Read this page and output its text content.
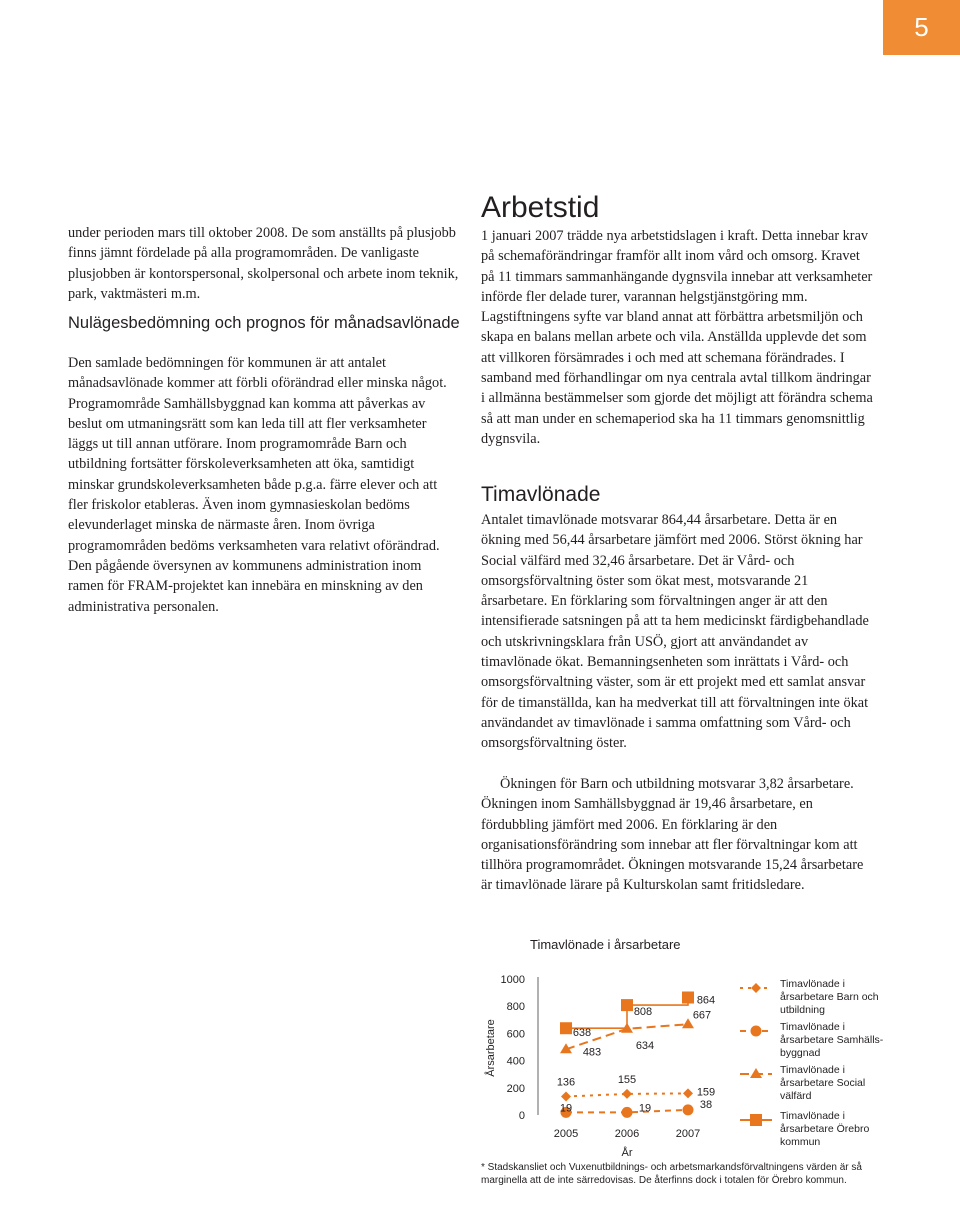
5

under perioden mars till oktober 2008. De som anställts på plusjobb finns jämnt fördelade på alla programområden. De vanligaste plusjobben är kontorspersonal, skolpersonal och arbete inom teknik, park, vaktmästeri m.m.

Nulägesbedömning och prognos för månadsavlönade

Den samlade bedömningen för kommunen är att antalet månadsavlönade kommer att förbli oförändrad eller minska något. Programområde Samhällsbyggnad kan komma att påverkas av beslut om utmaningsrätt som kan leda till att fler verksamheter läggs ut till annan utförare. Inom programområde Barn och utbildning fortsätter förskoleverksamheten att öka, samtidigt minskar grundskoleverksamheten både p.g.a. färre elever och att fler friskolor etableras. Även inom gymnasieskolan bedöms elevunderlaget minska de närmaste åren. Inom övriga programområden bedöms verksamheten vara relativt oförändrad. Den pågående översynen av kommunens administration inom ramen för FRAM-projektet kan innebära en minskning av den administrativa personalen.

Arbetstid

1 januari 2007 trädde nya arbetstidslagen i kraft. Detta innebar krav på schemaförändringar framför allt inom vård och omsorg. Kravet på 11 timmars sammanhängande dygnsvila innebar att verksamheter införde fler delade turer, varannan helgstjänstgöring mm. Lagstiftningens syfte var bland annat att förbättra arbetsmiljön och skapa en balans mellan arbete och vila. Anställda upplevde det som att villkoren försämrades i och med att schemana förändrades. I samband med förhandlingar om nya centrala avtal tillkom ändringar i allmänna bestämmelser som gjorde det möjligt att förändra schema så att man under en schemaperiod ska ha 11 timmars genomsnittlig dygnsvila.

Timavlönade

Antalet timavlönade motsvarar 864,44 årsarbetare. Detta är en ökning med 56,44 årsarbetare jämfört med 2006. Störst ökning har Social välfärd med 32,46 årsarbetare. Det är Vård- och omsorgsförvaltning öster som ökat mest, motsvarande 21 årsarbetare. En förklaring som förvaltningen anger är att den intensifierade satsningen på att ta hem medicinskt färdigbehandlade och utskrivningsklara från USÖ, gjort att användandet av timavlönade ökat. Bemanningsenheten som inrättats i Vård- och omsorgsförvaltning väster, som är ett projekt med ett samlat ansvar för de timanställda, kan ha medverkat till att förvaltningen inte ökat användandet av timavlönade i samma omfattning som Vård- och omsorgsförvaltning öster.

Ökningen för Barn och utbildning motsvarar 3,82 årsarbetare. Ökningen inom Samhällsbyggnad är 19,46 årsarbetare, en fördubbling jämfört med 2006. En förklaring är den organisationsförändring som innebar att fler förvaltningar kom att tillhöra programområdet. Ökningen motsvarande 15,24 årsarbetare är timavlönade lärare på Kulturskolan samt fritidsledare.

Timavlönade i årsarbetare
0
200
400
600
800
1000
2005	2006	2007
År
Årsarbetare
136	155
159
19	19	38
483
634
667
638
808
864
Timavlönade i
årsarbetare Barn och
utbildning
Timavlönade i
årsarbetare Samhälls-
byggnad
Timavlönade i
årsarbetare Social
välfärd
Timavlönade i
årsarbetare Örebro
kommun
* Stadskansliet och Vuxenutbildnings- och arbetsmarkandsförvaltningens värden är så marginella att de inte särredovisas. De återfinns dock i totalen för Örebro kommun.
